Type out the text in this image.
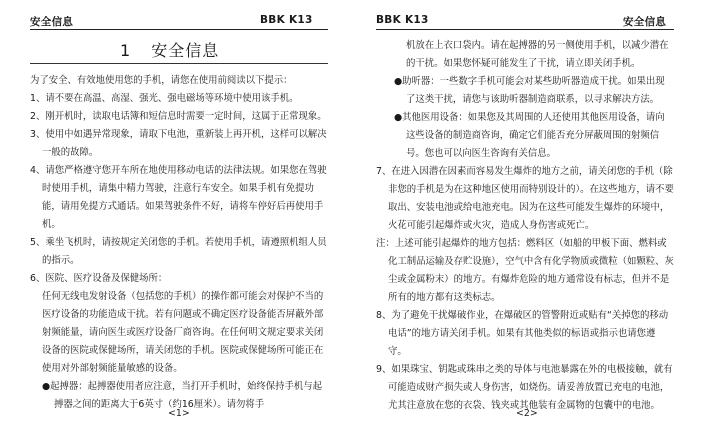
安全信息	BBK K13
1 安全信息

为了安全、有效地使用您的手机，请您在使用前阅读以下提示：

1、请不要在高温、高湿、强光、强电磁场等环境中使用该手机。

2、刚开机时，读取电话簿和短信息时需要一定时间，这属于正常现象。

3、使用中如遇异常现象，请取下电池，重新装上再开机，这样可以解决一般的故障。

4、请您严格遵守您开车所在地使用移动电话的法律法规。如果您在驾驶时使用手机，请集中精力驾驶，注意行车安全。如果手机有免提功能，请用免提方式通话。如果驾驶条件不好，请将车停好后再使用手机。

5、乘坐飞机时，请按规定关闭您的手机。若使用手机，请遵照机组人员的指示。

6、医院、医疗设备及保健场所：

任何无线电发射设备（包括您的手机）的操作都可能会对保护不当的医疗设备的功能造成干扰。若有问题或不确定医疗设备能否屏蔽外部射频能量，请向医生或医疗设备厂商咨询。在任何明文规定要求关闭设备的医院或保健场所，请关闭您的手机。医院或保健场所可能正在使用对外部射频能量敏感的设备。

●起搏器：起搏器使用者应注意，当打开手机时，始终保持手机与起搏器之间的距离大于6英寸（约16厘米）。请勿将手

<1>
BBK K13	安全信息

机放在上衣口袋内。请在起搏器的另一侧使用手机，以减少潜在的干扰。如果您怀疑可能发生了干扰，请立即关闭手机。

●助听器：一些数字手机可能会对某些助听器造成干扰。如果出现了这类干扰，请您与该助听器制造商联系，以寻求解决方法。

●其他医用设备：如果您及其周围的人还使用其他医用设备，请向这些设备的制造商咨询，确定它们能否充分屏蔽周围的射频信号。您也可以向医生咨询有关信息。

7、在进入因潜在因素而容易发生爆炸的地方之前，请关闭您的手机（除非您的手机是为在这种地区使用而特别设计的）。在这些地方，请不要取出、安装电池或给电池充电。因为在这些可能发生爆炸的环境中，火花可能引起爆炸或火灾，造成人身伤害或死亡。

注：上述可能引起爆炸的地方包括：燃料区（如船的甲板下面、燃料或化工制品运输及存贮设施），空气中含有化学物质或微粒（如颗粒、灰尘或金属粉末）的地方。有爆炸危险的地方通常设有标志，但并不是所有的地方都有这类标志。

8、为了避免干扰爆破作业，在爆破区的管警附近或贴有“关掉您的移动电话”的地方请关闭手机。如果有其他类似的标语或指示也请您遵守。

9、如果珠宝、钥匙或珠串之类的导体与电池暴露在外的电极接触，就有可能造成财产损失或人身伤害，如烧伤。请妥善放置已充电的电池，尤其注意放在您的衣袋、钱夹或其他装有金属物的包囊中的电池。

<2>
